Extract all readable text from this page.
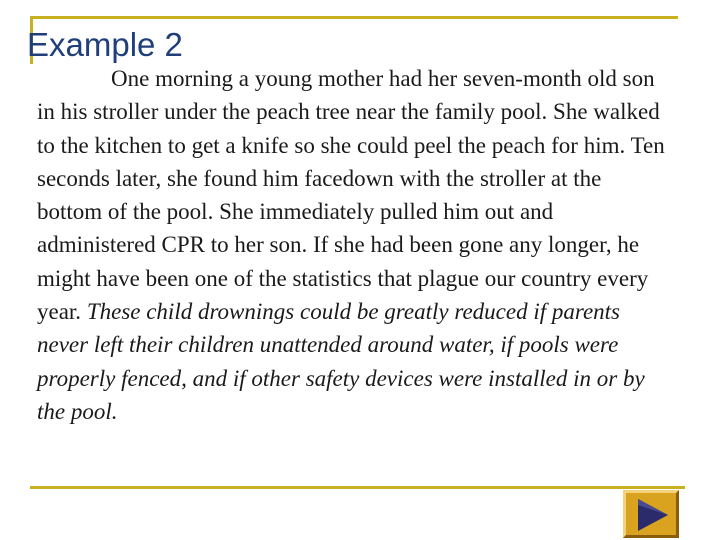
Example 2

One morning a young mother had her seven-month old son in his stroller under the peach tree near the family pool. She walked to the kitchen to get a knife so she could peel the peach for him. Ten seconds later, she found him facedown with the stroller at the bottom of the pool. She immediately pulled him out and administered CPR to her son. If she had been gone any longer, he might have been one of the statistics that plague our country every year. These child drownings could be greatly reduced if parents never left their children unattended around water, if pools were properly fenced, and if other safety devices were installed in or by the pool.
